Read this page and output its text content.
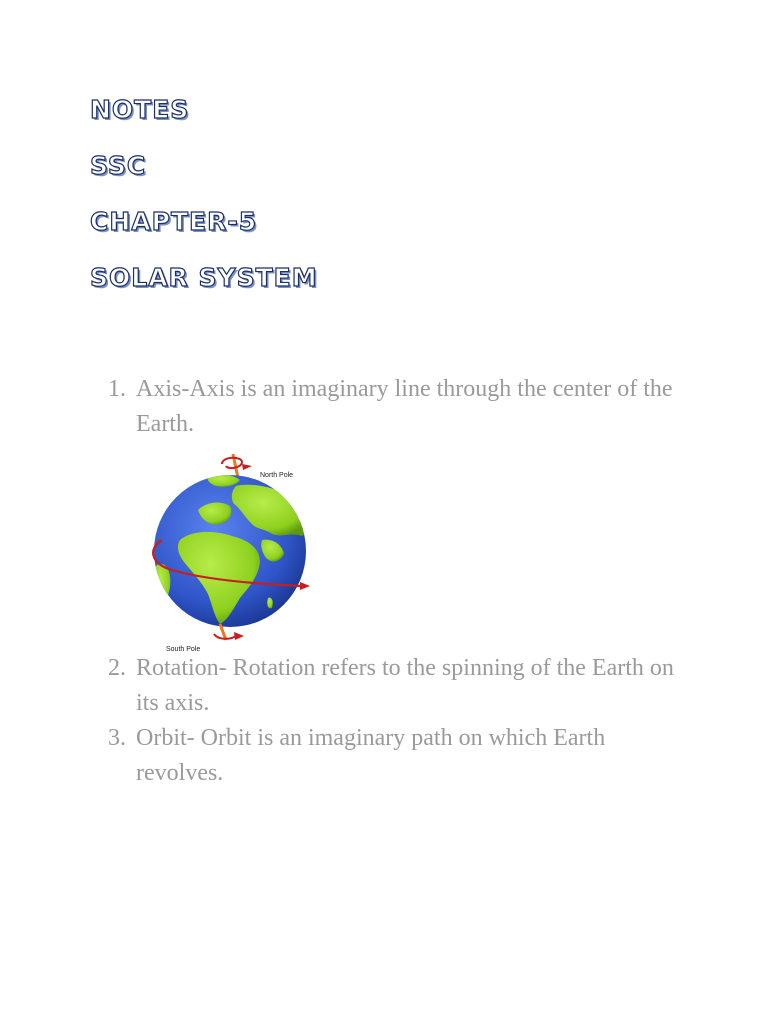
NOTES
SSC
CHAPTER-5
SOLAR SYSTEM
1. Axis-Axis is an imaginary line through the center of the Earth.
North Pole
South Pole
2. Rotation- Rotation refers to the spinning of the Earth on its axis.
3. Orbit- Orbit is an imaginary path on which Earth revolves.
